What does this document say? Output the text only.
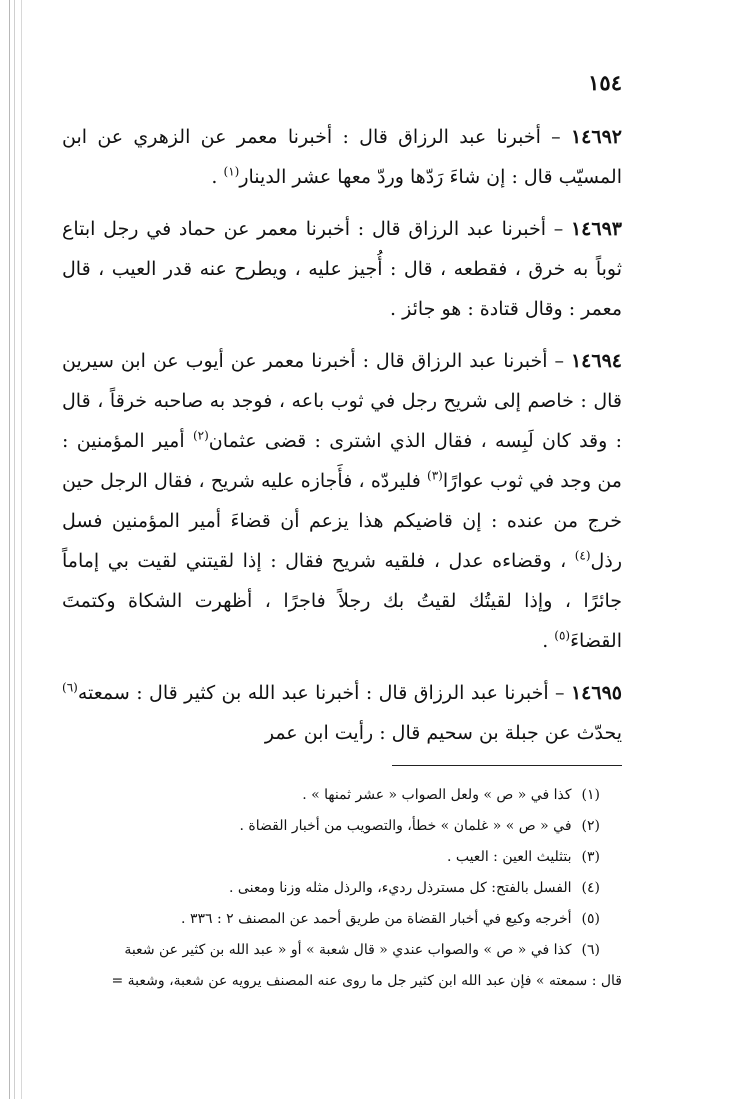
١٥٤

١٤٦٩٢ – أخبرنا عبد الرزاق قال : أخبرنا معمر عن الزهري عن ابن المسيّب قال : إن شاءَ رَدّها وردّ معها عشر الدينار$^{(١)}$ .

١٤٦٩٣ – أخبرنا عبد الرزاق قال : أخبرنا معمر عن حماد في رجل ابتاع ثوباً به خرق ، فقطعه ، قال : أُجيز عليه ، ويطرح عنه قدر العيب ، قال معمر : وقال قتادة : هو جائز .

١٤٦٩٤ – أخبرنا عبد الرزاق قال : أخبرنا معمر عن أيوب عن ابن سيرين قال : خاصم إلى شريح رجل في ثوب باعه ، فوجد به صاحبه خرقاً ، قال : وقد كان لَبِسه ، فقال الذي اشترى : قضى عثمان$^{(٢)}$ أمير المؤمنين : من وجد في ثوب عوارًا$^{(٣)}$ فليردّه ، فأَجازه عليه شريح ، فقال الرجل حين خرج من عنده : إن قاضيكم هذا يزعم أن قضاءَ أمير المؤمنين فسل رذل$^{(٤)}$ ، وقضاءه عدل ، فلقيه شريح فقال : إذا لقيتني لقيت بي إماماً جائرًا ، وإذا لقيتُك لقيتُ بك رجلاً فاجرًا ، أظهرت الشكاة وكتمتَ القضاءَ$^{(٥)}$ .

١٤٦٩٥ – أخبرنا عبد الرزاق قال : أخبرنا عبد الله بن كثير قال : سمعته$^{(٦)}$ يحدّث عن جبلة بن سحيم قال : رأيت ابن عمر

(١)كذا في « ص » ولعل الصواب « عشر ثمنها » .

(٢)في « ص » « غلمان » خطأ، والتصويب من أخبار القضاة .

(٣)بتثليث العين : العيب .

(٤)الفسل بالفتح: كل مسترذل رديء، والرذل مثله وزنا ومعنى .

(٥)أخرجه وكيع في أخبار القضاة من طريق أحمد عن المصنف ٢ : ٣٣٦ .

(٦)كذا في « ص » والصواب عندي « قال شعبة » أو « عبد الله بن كثير عن شعبة

قال : سمعته » فإن عبد الله ابن كثير جل ما روى عنه المصنف يرويه عن شعبة، وشعبة =
